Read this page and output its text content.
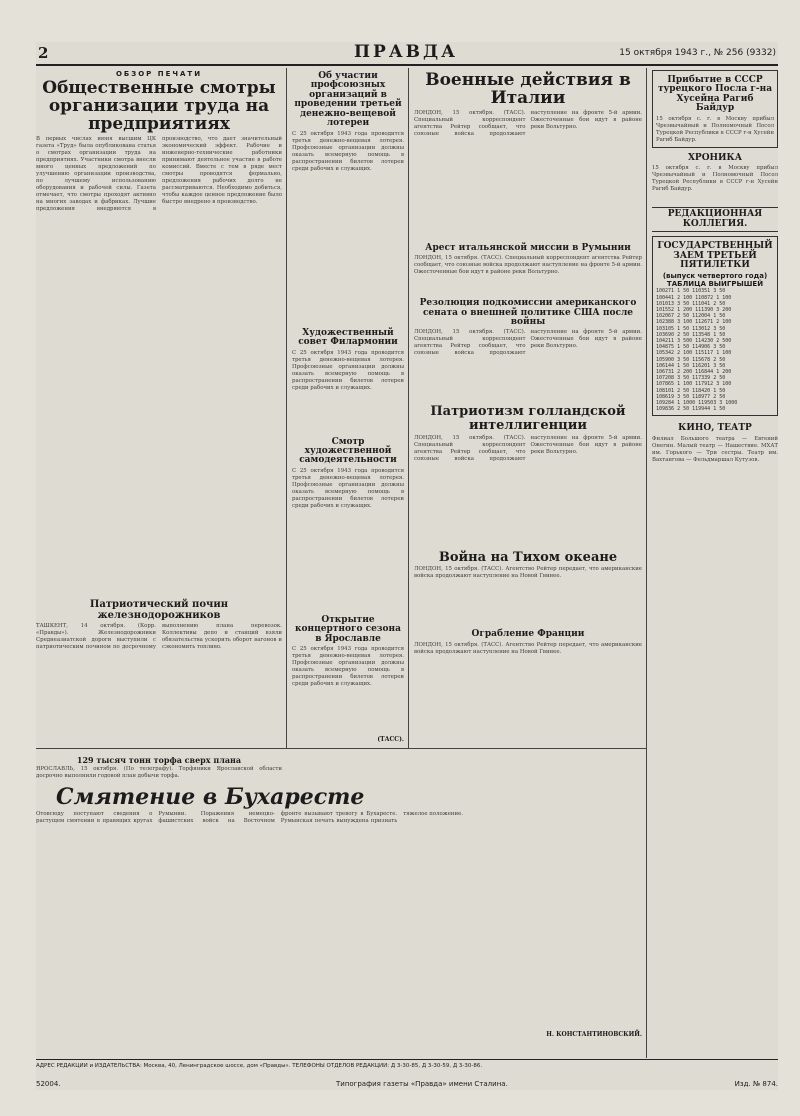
2	ПРАВДА	15 октября 1943 г., № 256 (9332)
ОБЗОР ПЕЧАТИ
Общественные смотры организации труда на предприятиях
В первых числах июня высшим ЦК газета «Труд» была опубликована статья о смотрах организации труда на предприятиях. Участники смотра внесли много ценных предложений по улучшению организации производства, по лучшему использованию оборудования и рабочей силы. Газета отмечает, что смотры проходят активно на многих заводах и фабриках. Лучшие предложения внедряются в производство, что дает значительный экономический эффект. Рабочие и инженерно-технические работники принимают деятельное участие в работе комиссий. Вместе с тем в ряде мест смотры проводятся формально, предложения рабочих долго не рассматриваются. Необходимо добиться, чтобы каждое ценное предложение было быстро внедрено в производство.
Патриотический почин железнодорожников
ТАШКЕНТ, 14 октября. (Корр. «Правды»). Железнодорожники Среднеазиатской дороги выступили с патриотическим почином по досрочному выполнению плана перевозок. Коллективы депо и станций взяли обязательства ускорить оборот вагонов и сэкономить топливо.
Об участии профсоюзных организаций в проведении третьей денежно-вещевой лотереи
С 25 октября 1943 года проводится третья денежно-вещевая лотерея. Профсоюзные организации должны оказать всемерную помощь в распространении билетов лотереи среди рабочих и служащих.
Художественный совет Филармонии
С 25 октября 1943 года проводится третья денежно-вещевая лотерея. Профсоюзные организации должны оказать всемерную помощь в распространении билетов лотереи среди рабочих и служащих.
Смотр художественной самодеятельности
С 25 октября 1943 года проводится третья денежно-вещевая лотерея. Профсоюзные организации должны оказать всемерную помощь в распространении билетов лотереи среди рабочих и служащих.
Открытие концертного сезона в Ярославле
С 25 октября 1943 года проводится третья денежно-вещевая лотерея. Профсоюзные организации должны оказать всемерную помощь в распространении билетов лотереи среди рабочих и служащих.
(ТАСС).
Военные действия в Италии
ЛОНДОН, 15 октября. (ТАСС). Специальный корреспондент агентства Рейтер сообщает, что союзные войска продолжают наступление на фронте 5-й армии. Ожесточенные бои идут в районе реки Вольтурно.
Арест итальянской миссии в Румынии
ЛОНДОН, 15 октября. (ТАСС). Специальный корреспондент агентства Рейтер сообщает, что союзные войска продолжают наступление на фронте 5-й армии. Ожесточенные бои идут в районе реки Вольтурно.
Резолюция подкомиссии американского сената о внешней политике США после войны
ЛОНДОН, 15 октября. (ТАСС). Специальный корреспондент агентства Рейтер сообщает, что союзные войска продолжают наступление на фронте 5-й армии. Ожесточенные бои идут в районе реки Вольтурно.
Патриотизм голландской интеллигенции
ЛОНДОН, 15 октября. (ТАСС). Специальный корреспондент агентства Рейтер сообщает, что союзные войска продолжают наступление на фронте 5-й армии. Ожесточенные бои идут в районе реки Вольтурно.
Война на Тихом океане
ЛОНДОН, 15 октября. (ТАСС). Агентство Рейтер передает, что американские войска продолжают наступление на Новой Гвинее.
Ограбление Франции
ЛОНДОН, 15 октября. (ТАСС). Агентство Рейтер передает, что американские войска продолжают наступление на Новой Гвинее.
Прибытие в СССР турецкого Посла г-на Хусейна Рагиб Байдур
15 октября с. г. в Москву прибыл Чрезвычайный и Полномочный Посол Турецкой Республики в СССР г-н Хусейн Рагиб Байдур.
ХРОНИКА
15 октября с. г. в Москву прибыл Чрезвычайный и Полномочный Посол Турецкой Республики в СССР г-н Хусейн Рагиб Байдур.
РЕДАКЦИОННАЯ КОЛЛЕГИЯ.
ГОСУДАРСТВЕННЫЙ ЗАЕМ ТРЕТЬЕЙ ПЯТИЛЕТКИ
(выпуск четвертого года)
ТАБЛИЦА ВЫИГРЫШЕЙ
100271 1 50 110351 3 50
100441 2 100 110872 1 100
101013 3 50 111041 2 50
101552 1 200 111390 3 200
102067 2 50 112004 1 50
102388 3 100 112671 2 100
103105 1 50 113012 3 50
103690 2 50 113548 1 50
104211 3 500 114230 2 500
104875 1 50 114906 3 50
105342 2 100 115117 1 100
105900 3 50 115678 2 50
106144 1 50 116201 3 50
106731 2 200 116844 1 200
107208 3 50 117339 2 50
107865 1 100 117912 3 100
108101 2 50 118420 1 50
108619 3 50 118977 2 50
109284 1 1000 119503 3 1000
109836 2 50 119944 1 50
КИНО, ТЕАТР
Филиал Большого театра — Евгений Онегин. Малый театр — Нашествие. МХАТ им. Горького — Три сестры. Театр им. Вахтангова — Фельдмаршал Кутузов.
129 тысяч тонн торфа сверх плана
ЯРОСЛАВЛЬ, 15 октября. (По телеграфу). Торфяники Ярославской области досрочно выполнили годовой план добычи торфа.
Смятение в Бухаресте
Отовсюду поступают сведения о растущем смятении в правящих кругах Румынии. Поражения немецко-фашистских войск на Восточном фронте вызывают тревогу в Бухаресте. Румынская печать вынуждена признать тяжелое положение.
Н. КОНСТАНТИНОВСКИЙ.
АДРЕС РЕДАКЦИИ и ИЗДАТЕЛЬСТВА: Москва, 40, Ленинградское шоссе, дом «Правды». ТЕЛЕФОНЫ ОТДЕЛОВ РЕДАКЦИИ: Д 3-30-85, Д 3-30-59, Д 3-30-86.
52004.	Типография газеты «Правда» имени Сталина.	Изд. № 874.
